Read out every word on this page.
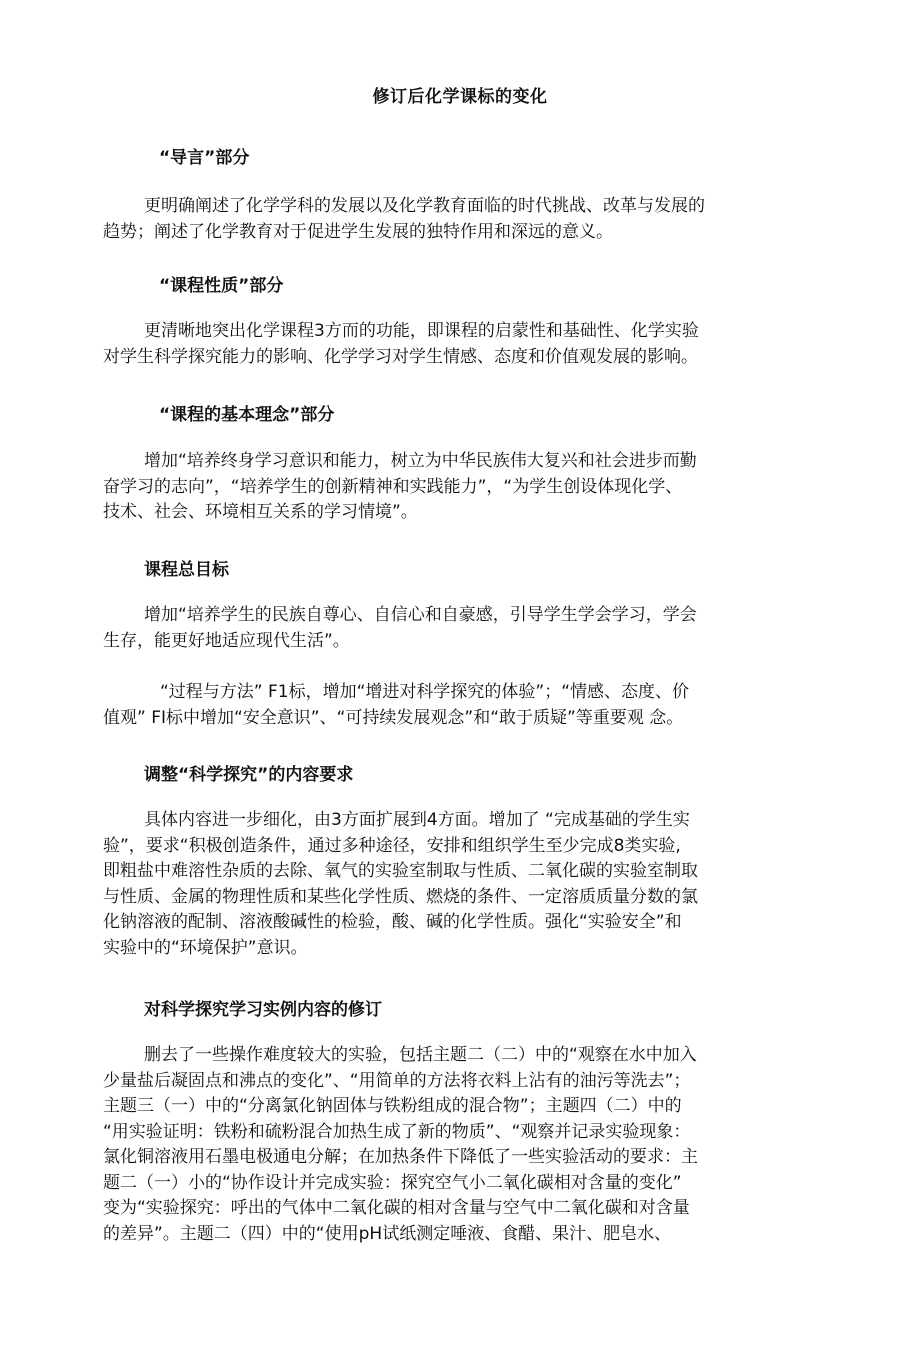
修订后化学课标的变化
“导言”部分
更明确阐述了化学学科的发展以及化学教育面临的时代挑战、改革与发展的
趋势；阐述了化学教育对于促进学生发展的独特作用和深远的意义。
“课程性质”部分
更清晰地突出化学课程3方而的功能，即课程的启蒙性和基础性、化学实验
对学生科学探究能力的影响、化学学习对学生情感、态度和价值观发展的影响。
“课程的基本理念”部分
增加“培养终身学习意识和能力，树立为中华民族伟大复兴和社会进步而勤
奋学习的志向”，“培养学生的创新精神和实践能力”，“为学生创设体现化学、
技术、社会、环境相互关系的学习情境”。
课程总目标
增加“培养学生的民族自尊心、自信心和自豪感，引导学生学会学习，学会
生存，能更好地适应现代生活”。
“过程与方法” F1标，增加“增进对科学探究的体验”；“情感、态度、价
值观” FI标中增加“安全意识”、“可持续发展观念”和“敢于质疑”等重要观 念。
调整“科学探究”的内容要求
具体内容进一步细化，由3方面扩展到4方面。增加了 “完成基础的学生实
验”，要求“积极创造条件，通过多种途径，安排和组织学生至少完成8类实验,
即粗盐中难溶性杂质的去除、氧气的实验室制取与性质、二氧化碳的实验室制取
与性质、金属的物理性质和某些化学性质、燃烧的条件、一定溶质质量分数的氯
化钠溶液的配制、溶液酸碱性的检验，酸、碱的化学性质。强化“实验安全”和
实验中的“环境保护”意识。
对科学探究学习实例内容的修订
删去了一些操作难度较大的实验，包括主题二（二）中的“观察在水中加入
少量盐后凝固点和沸点的变化”、“用简单的方法将衣料上沾有的油污等洗去”；
主题三（一）中的“分离氯化钠固体与铁粉组成的混合物”；主题四（二）中的
“用实验证明：铁粉和硫粉混合加热生成了新的物质”、“观察并记录实验现象：
氯化铜溶液用石墨电极通电分解；在加热条件下降低了一些实验活动的要求：主
题二（一）小的“协作设计并完成实验：探究空气小二氧化碳相对含量的变化”
变为“实验探究：呼出的气体中二氧化碳的相对含量与空气中二氧化碳和对含量
的差异”。主题二（四）中的“使用pH试纸测定唾液、食醋、果汁、肥皂水、
